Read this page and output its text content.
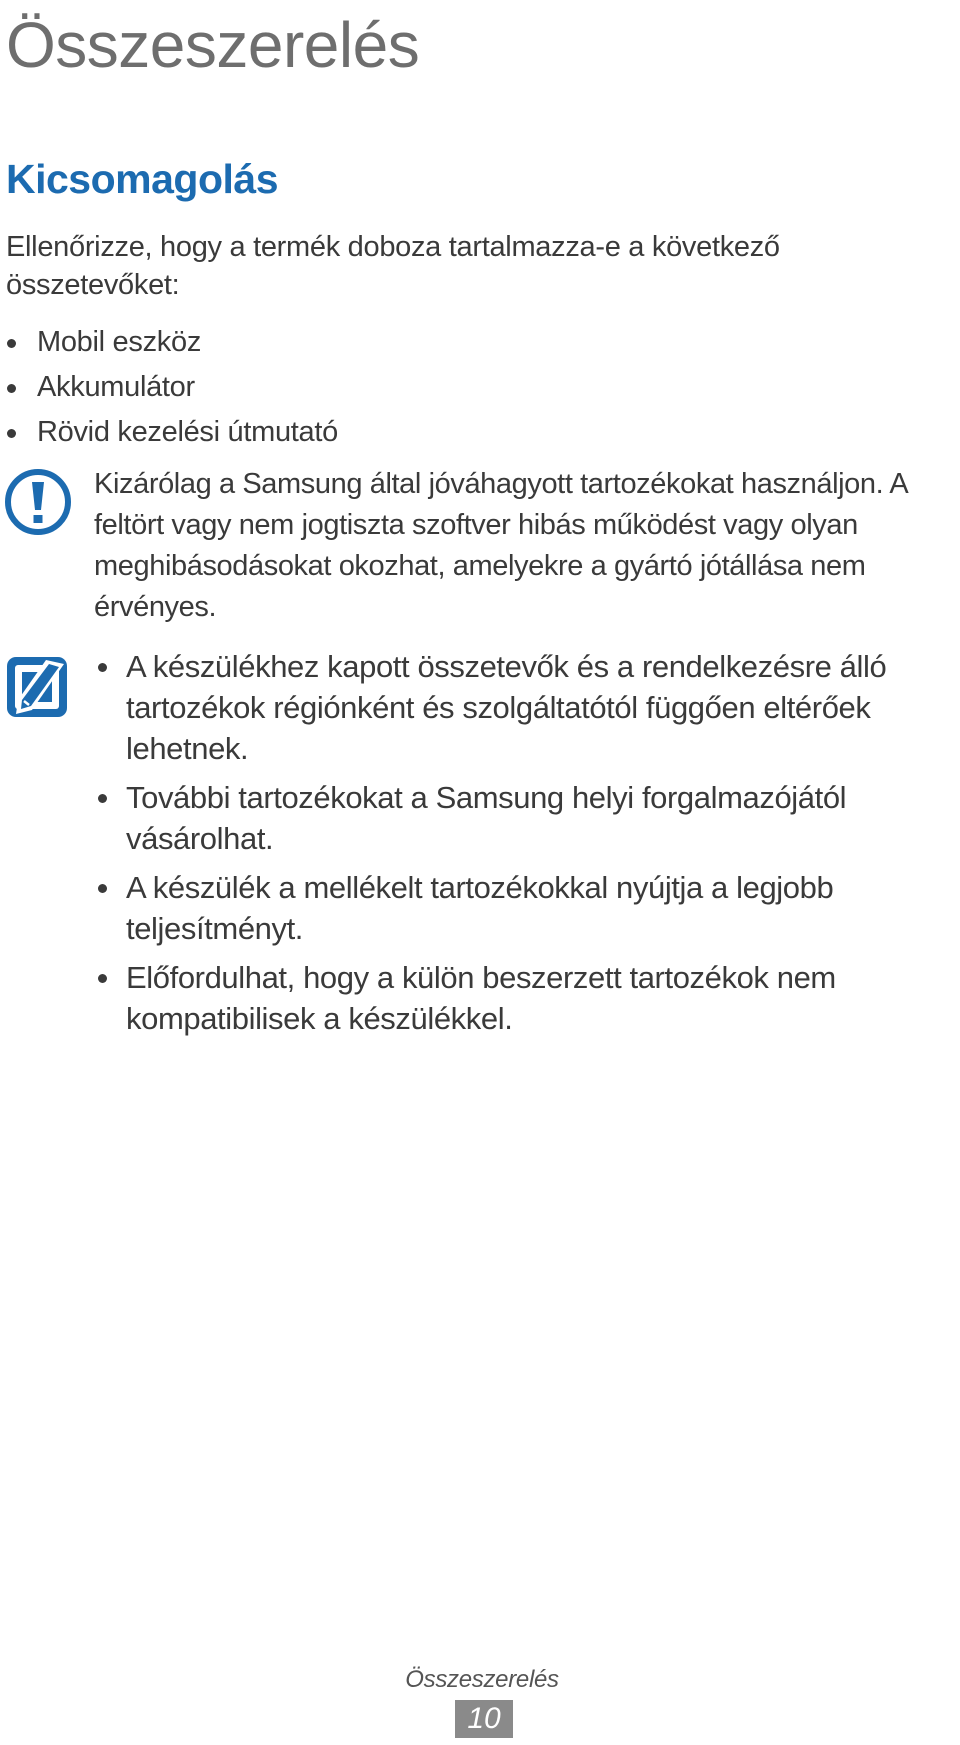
Összeszerelés
Kicsomagolás

Ellenőrizze, hogy a termék doboza tartalmazza-e a következő összetevőket:

Mobil eszköz
Akkumulátor
Rövid kezelési útmutató

Kizárólag a Samsung által jóváhagyott tartozékokat használjon. A feltört vagy nem jogtiszta szoftver hibás működést vagy olyan meghibásodásokat okozhat, amelyekre a gyártó jótállása nem érvényes.

A készülékhez kapott összetevők és a rendelkezésre álló tartozékok régiónként és szolgáltatótól függően eltérőek lehetnek.
További tartozékokat a Samsung helyi forgalmazójától vásárolhat.
A készülék a mellékelt tartozékokkal nyújtja a legjobb teljesítményt.
Előfordulhat, hogy a külön beszerzett tartozékok nem kompatibilisek a készülékkel.
Összeszerelés
10
